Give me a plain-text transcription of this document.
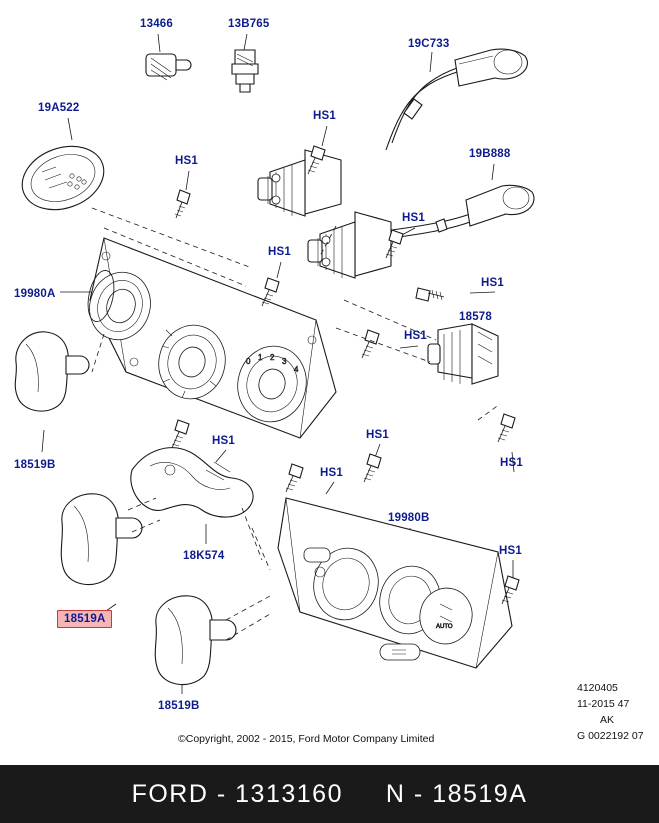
0 1 2 3
4
AUTO
13466	13B765
19C733
19A522
HS1
HS1
19B888
HS1
HS1
19980A
HS1
18578
HS1
18519B	HS1
HS1	HS1
HS1
19980B
18K574	HS1
18519A
18519B
©Copyright, 2002 - 2015, Ford Motor Company Limited
4120405
11-2015 47
AK
G 0022192 07
FORD - 1313160 N - 18519A
